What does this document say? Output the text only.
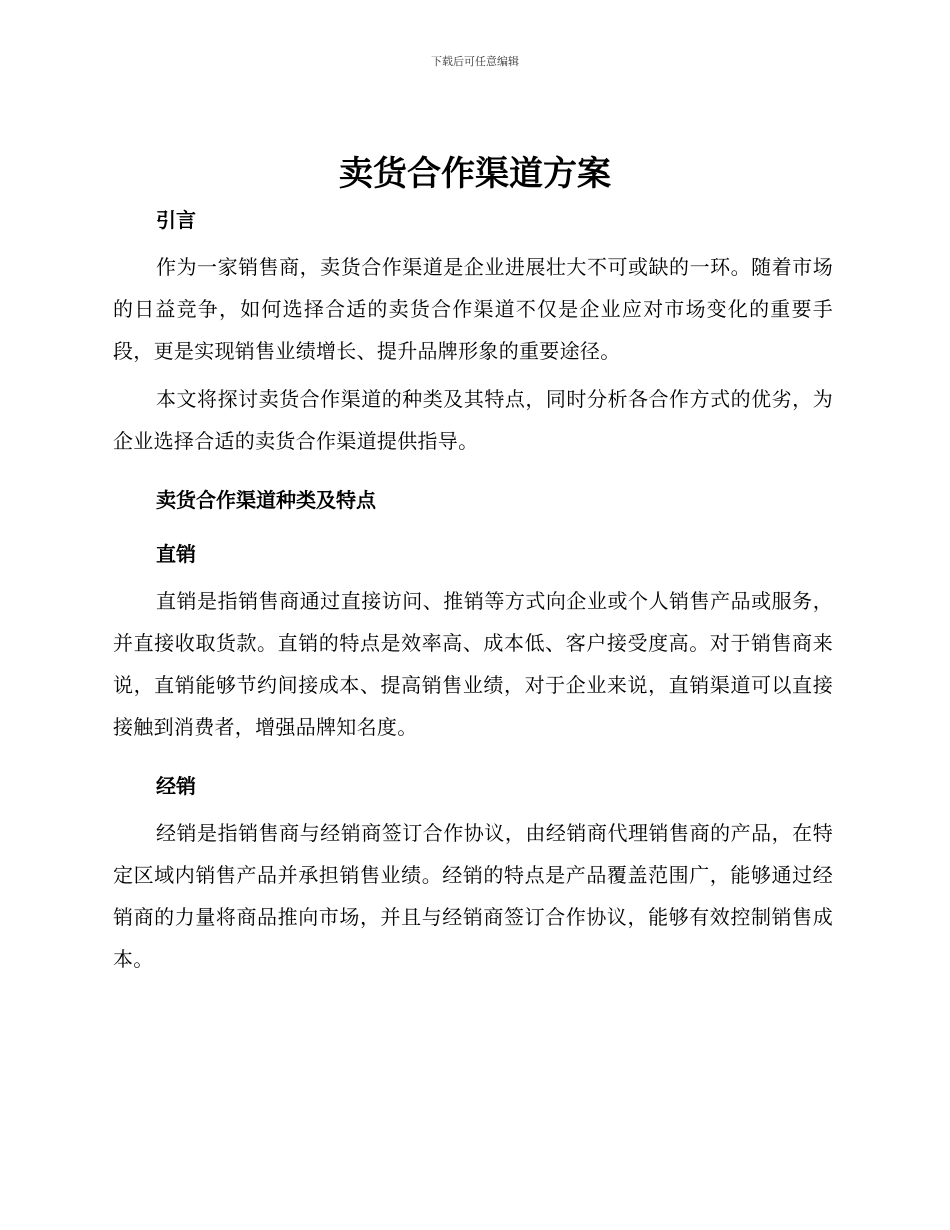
下载后可任意编辑
卖货合作渠道方案
引言

作为一家销售商，卖货合作渠道是企业进展壮大不可或缺的一环。随着市场的日益竞争，如何选择合适的卖货合作渠道不仅是企业应对市场变化的重要手段，更是实现销售业绩增长、提升品牌形象的重要途径。

本文将探讨卖货合作渠道的种类及其特点，同时分析各合作方式的优劣，为企业选择合适的卖货合作渠道提供指导。

卖货合作渠道种类及特点
直销

直销是指销售商通过直接访问、推销等方式向企业或个人销售产品或服务，并直接收取货款。直销的特点是效率高、成本低、客户接受度高。对于销售商来说，直销能够节约间接成本、提高销售业绩，对于企业来说，直销渠道可以直接接触到消费者，增强品牌知名度。

经销

经销是指销售商与经销商签订合作协议，由经销商代理销售商的产品，在特定区域内销售产品并承担销售业绩。经销的特点是产品覆盖范围广，能够通过经销商的力量将商品推向市场，并且与经销商签订合作协议，能够有效控制销售成本。
